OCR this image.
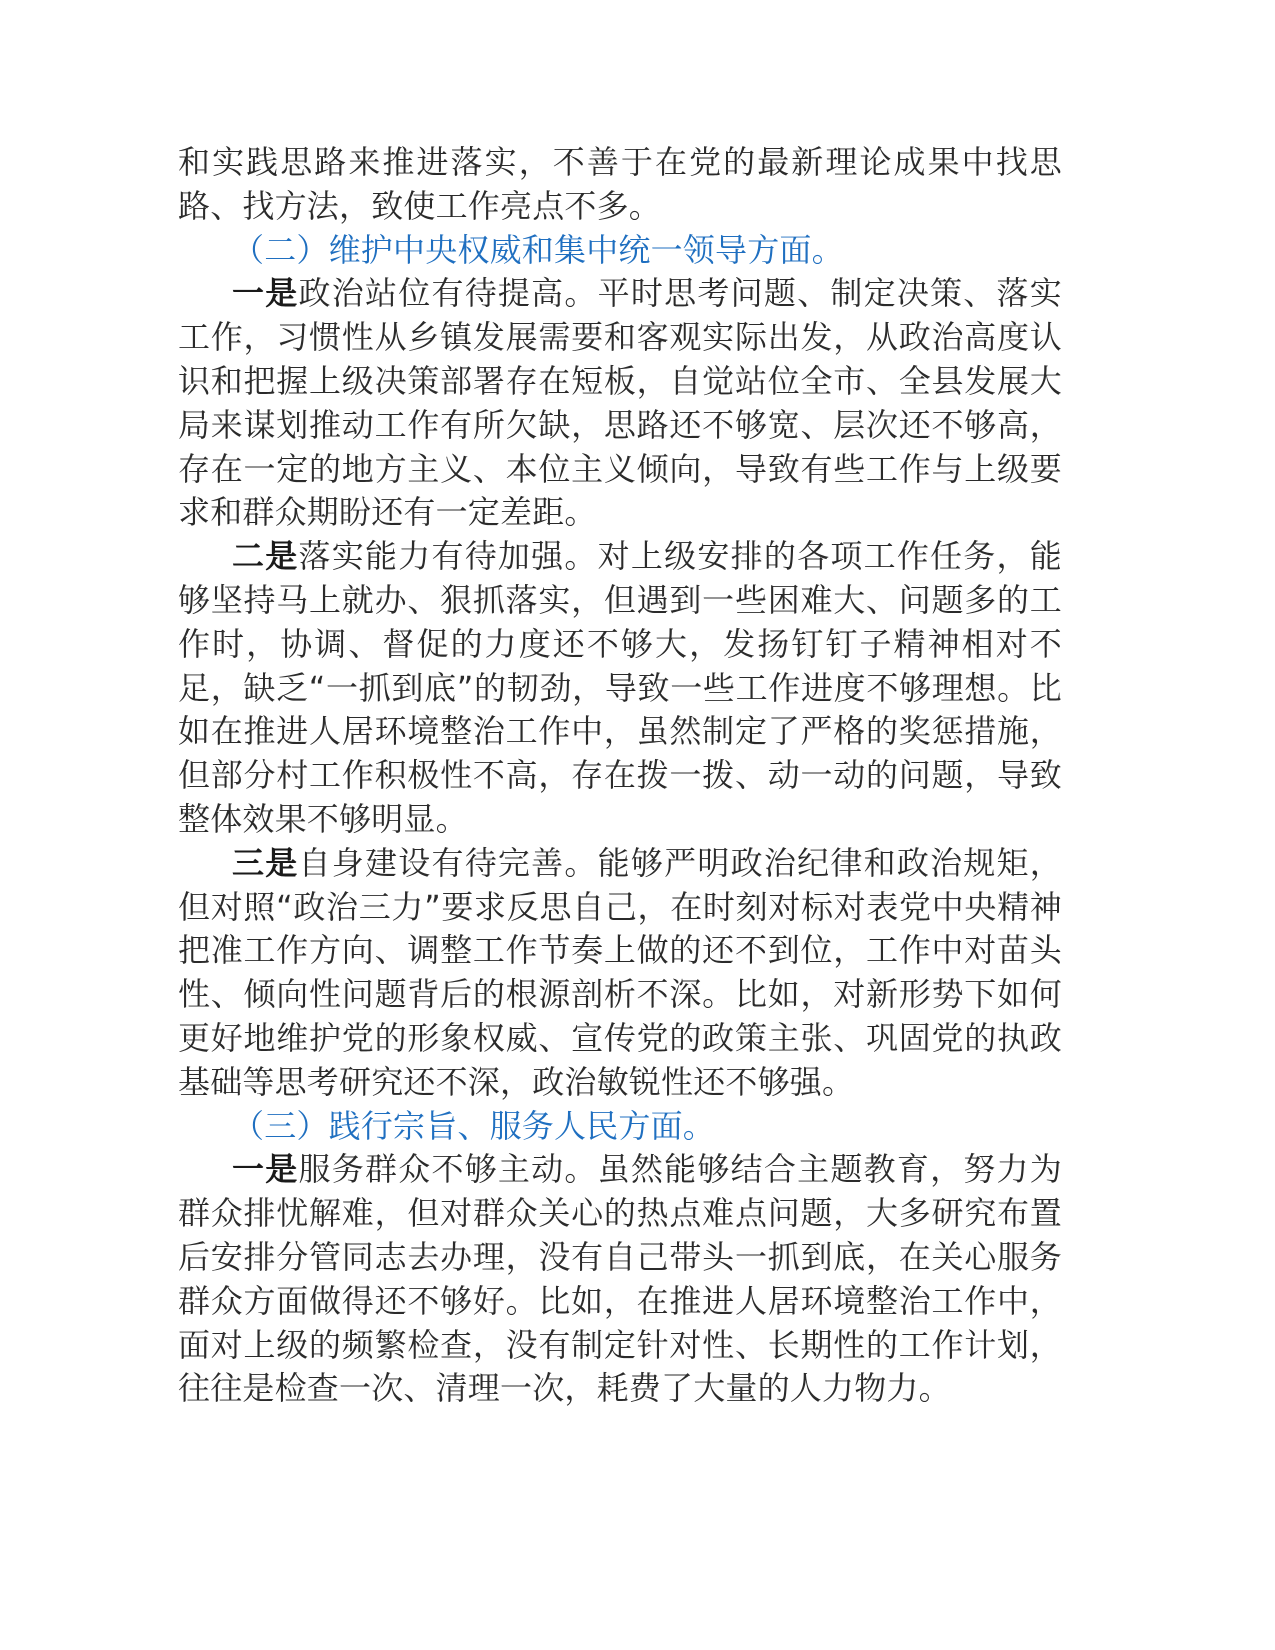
和实践思路来推进落实，不善于在党的最新理论成果中找思路、找方法，致使工作亮点不多。

（二）维护中央权威和集中统一领导方面。

一是政治站位有待提高。平时思考问题、制定决策、落实工作，习惯性从乡镇发展需要和客观实际出发，从政治高度认识和把握上级决策部署存在短板，自觉站位全市、全县发展大局来谋划推动工作有所欠缺，思路还不够宽、层次还不够高，存在一定的地方主义、本位主义倾向，导致有些工作与上级要求和群众期盼还有一定差距。

二是落实能力有待加强。对上级安排的各项工作任务，能够坚持马上就办、狠抓落实，但遇到一些困难大、问题多的工作时，协调、督促的力度还不够大，发扬钉钉子精神相对不足，缺乏“一抓到底”的韧劲，导致一些工作进度不够理想。比如在推进人居环境整治工作中，虽然制定了严格的奖惩措施，但部分村工作积极性不高，存在拨一拨、动一动的问题，导致整体效果不够明显。

三是自身建设有待完善。能够严明政治纪律和政治规矩，但对照“政治三力”要求反思自己，在时刻对标对表党中央精神把准工作方向、调整工作节奏上做的还不到位，工作中对苗头性、倾向性问题背后的根源剖析不深。比如，对新形势下如何更好地维护党的形象权威、宣传党的政策主张、巩固党的执政基础等思考研究还不深，政治敏锐性还不够强。

（三）践行宗旨、服务人民方面。

一是服务群众不够主动。虽然能够结合主题教育，努力为群众排忧解难，但对群众关心的热点难点问题，大多研究布置后安排分管同志去办理，没有自己带头一抓到底，在关心服务群众方面做得还不够好。比如，在推进人居环境整治工作中，面对上级的频繁检查，没有制定针对性、长期性的工作计划，往往是检查一次、清理一次，耗费了大量的人力物力。
